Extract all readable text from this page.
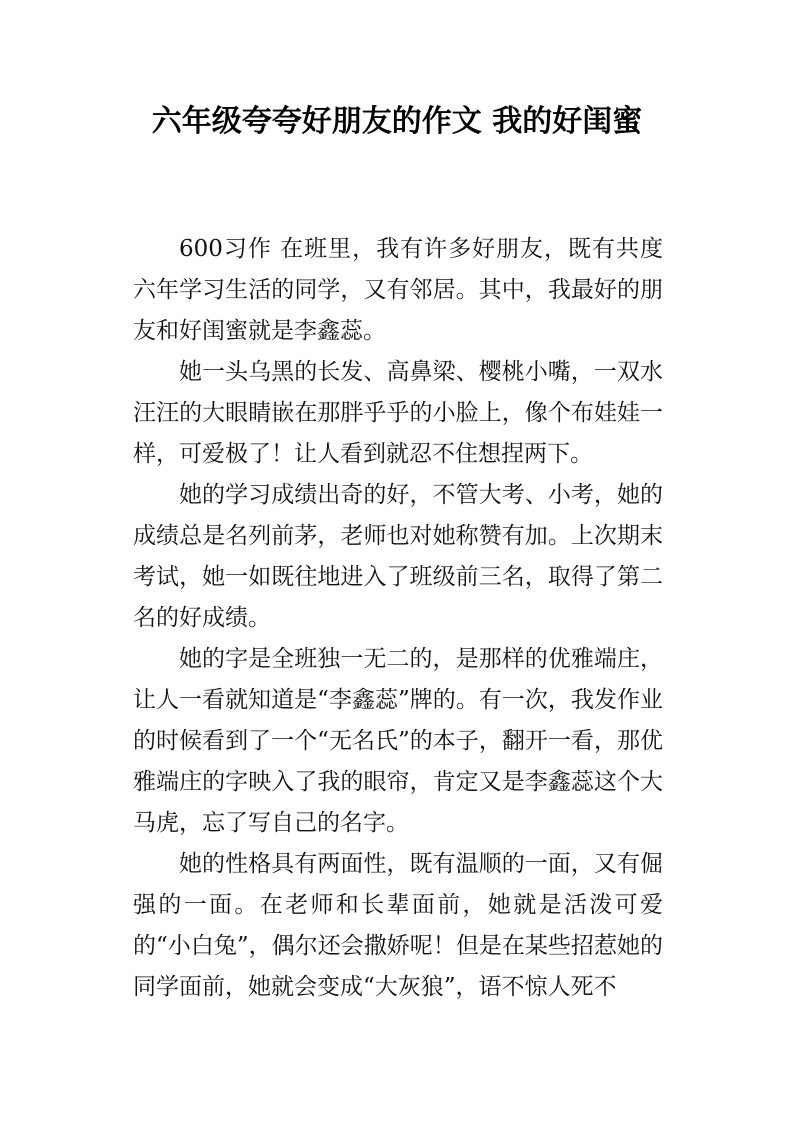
六年级夸夸好朋友的作文 我的好闺蜜

600习作 在班里，我有许多好朋友，既有共度六年学习生活的同学，又有邻居。其中，我最好的朋友和好闺蜜就是李鑫蕊。

她一头乌黑的长发、高鼻梁、樱桃小嘴，一双水汪汪的大眼睛嵌在那胖乎乎的小脸上，像个布娃娃一样，可爱极了！让人看到就忍不住想捏两下。

她的学习成绩出奇的好，不管大考、小考，她的成绩总是名列前茅，老师也对她称赞有加。上次期末考试，她一如既往地进入了班级前三名，取得了第二名的好成绩。

她的字是全班独一无二的，是那样的优雅端庄，让人一看就知道是“李鑫蕊”牌的。有一次，我发作业的时候看到了一个“无名氏”的本子，翻开一看，那优雅端庄的字映入了我的眼帘，肯定又是李鑫蕊这个大马虎，忘了写自己的名字。

她的性格具有两面性，既有温顺的一面，又有倔强的一面。在老师和长辈面前，她就是活泼可爱的“小白兔”，偶尔还会撒娇呢！但是在某些招惹她的同学面前，她就会变成“大灰狼”，语不惊人死不
